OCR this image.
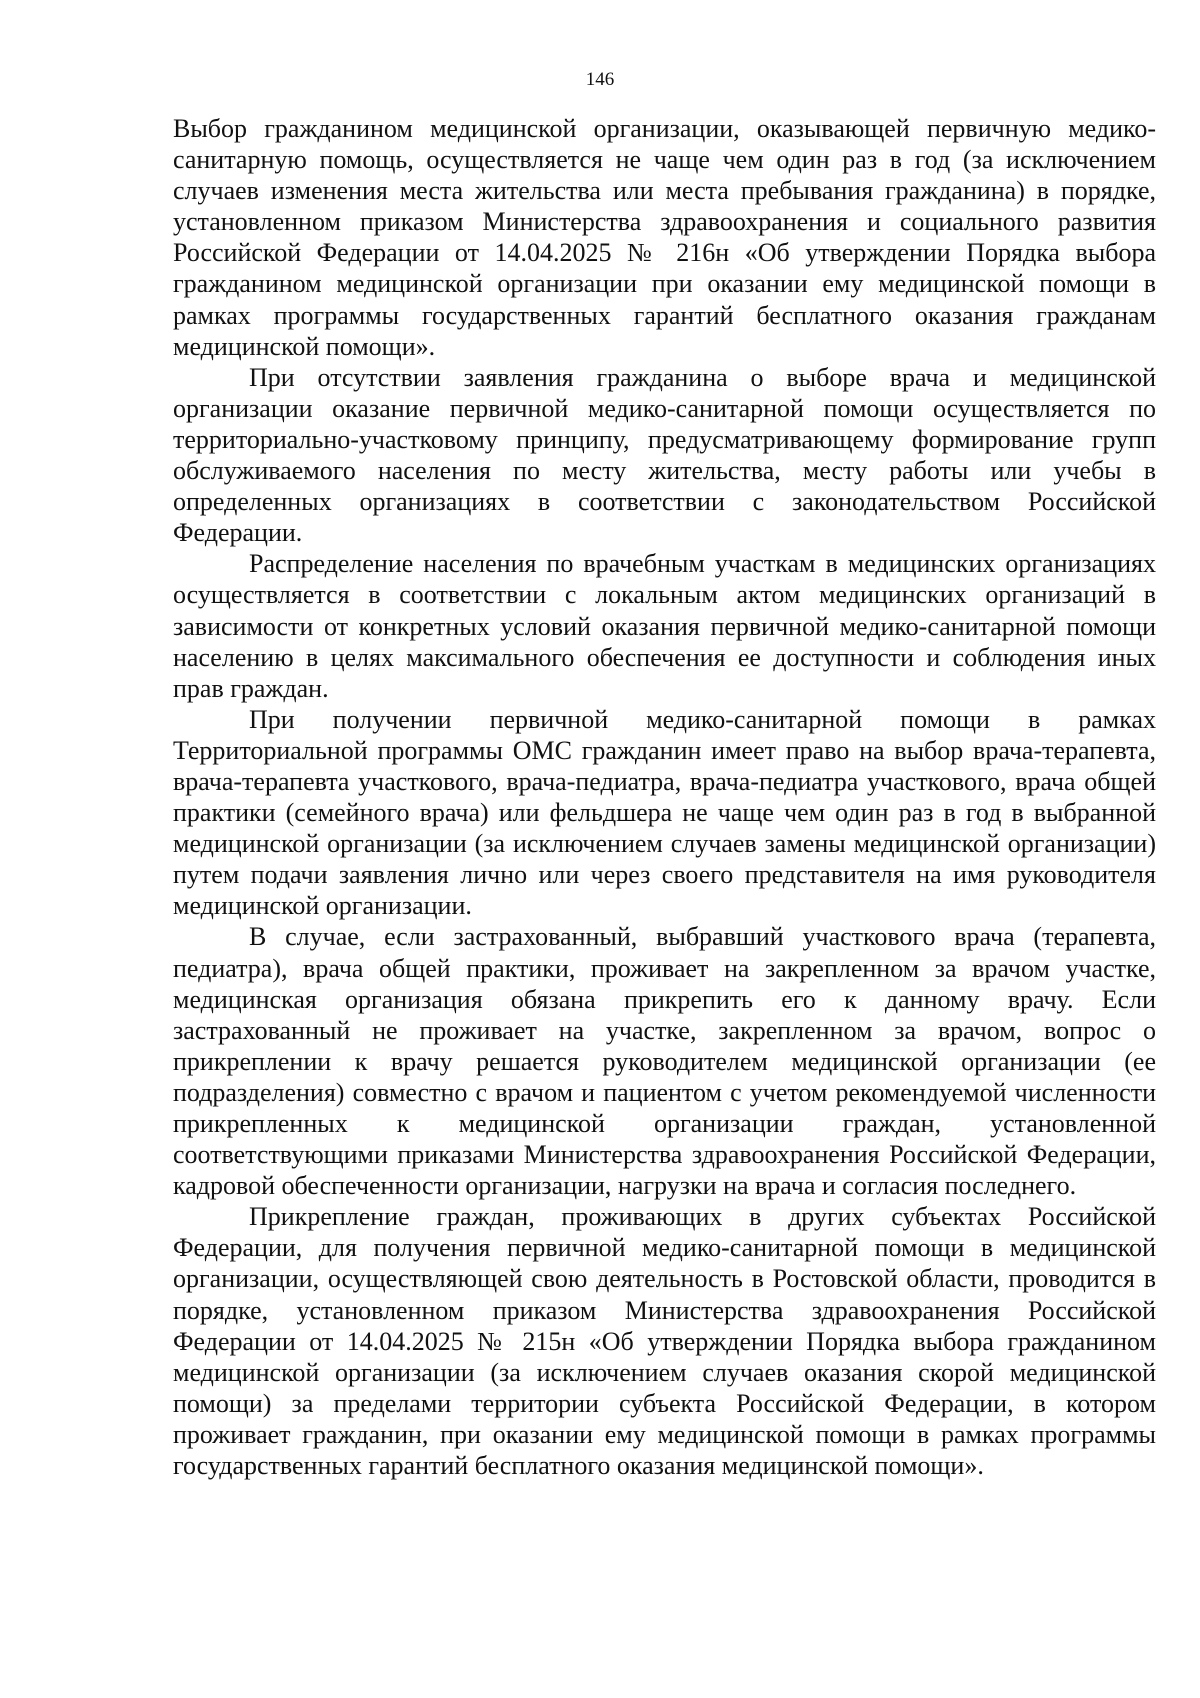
146

Выбор гражданином медицинской организации, оказывающей первичную медико-санитарную помощь, осуществляется не чаще чем один раз в год (за исключением случаев изменения места жительства или места пребывания гражданина) в порядке, установленном приказом Министерства здравоохранения и социального развития Российской Федерации от 14.04.2025 № 216н «Об утверждении Порядка выбора гражданином медицинской организации при оказании ему медицинской помощи в рамках программы государственных гарантий бесплатного оказания гражданам медицинской помощи».

При отсутствии заявления гражданина о выборе врача и медицинской организации оказание первичной медико-санитарной помощи осуществляется по территориально-участковому принципу, предусматривающему формирование групп обслуживаемого населения по месту жительства, месту работы или учебы в определенных организациях в соответствии с законодательством Российской Федерации.

Распределение населения по врачебным участкам в медицинских организациях осуществляется в соответствии с локальным актом медицинских организаций в зависимости от конкретных условий оказания первичной медико-санитарной помощи населению в целях максимального обеспечения ее доступности и соблюдения иных прав граждан.

При получении первичной медико-санитарной помощи в рамках Территориальной программы ОМС гражданин имеет право на выбор врача-терапевта, врача-терапевта участкового, врача-педиатра, врача-педиатра участкового, врача общей практики (семейного врача) или фельдшера не чаще чем один раз в год в выбранной медицинской организации (за исключением случаев замены медицинской организации) путем подачи заявления лично или через своего представителя на имя руководителя медицинской организации.

В случае, если застрахованный, выбравший участкового врача (терапевта, педиатра), врача общей практики, проживает на закрепленном за врачом участке, медицинская организация обязана прикрепить его к данному врачу. Если застрахованный не проживает на участке, закрепленном за врачом, вопрос о прикреплении к врачу решается руководителем медицинской организации (ее подразделения) совместно с врачом и пациентом с учетом рекомендуемой численности прикрепленных к медицинской организации граждан, установленной соответствующими приказами Министерства здравоохранения Российской Федерации, кадровой обеспеченности организации, нагрузки на врача и согласия последнего.

Прикрепление граждан, проживающих в других субъектах Российской Федерации, для получения первичной медико-санитарной помощи в медицинской организации, осуществляющей свою деятельность в Ростовской области, проводится в порядке, установленном приказом Министерства здравоохранения Российской Федерации от 14.04.2025 № 215н «Об утверждении Порядка выбора гражданином медицинской организации (за исключением случаев оказания скорой медицинской помощи) за пределами территории субъекта Российской Федерации, в котором проживает гражданин, при оказании ему медицинской помощи в рамках программы государственных гарантий бесплатного оказания медицинской помощи».
